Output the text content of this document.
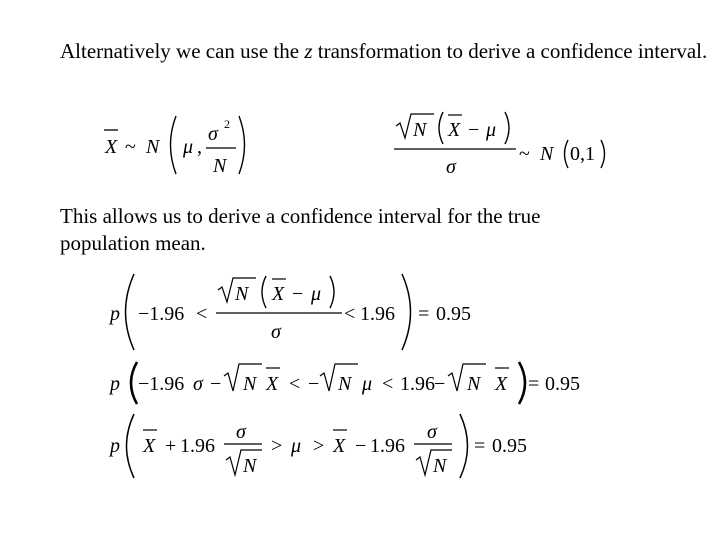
Alternatively we can use the z transformation to derive a confidence interval.

This allows us to derive a confidence interval for the true population mean.

X ~ N μ ,
σ 2
N
N X − μ
σ
~ N 0,1
p −1.96 <
N X − μ
σ
< 1.96 = 0.95
p −1.96 σ − N X < − N μ < 1.96 − N X = 0.95
p X + 1.96
σ
N
> μ > X − 1.96
σ
N
= 0.95
